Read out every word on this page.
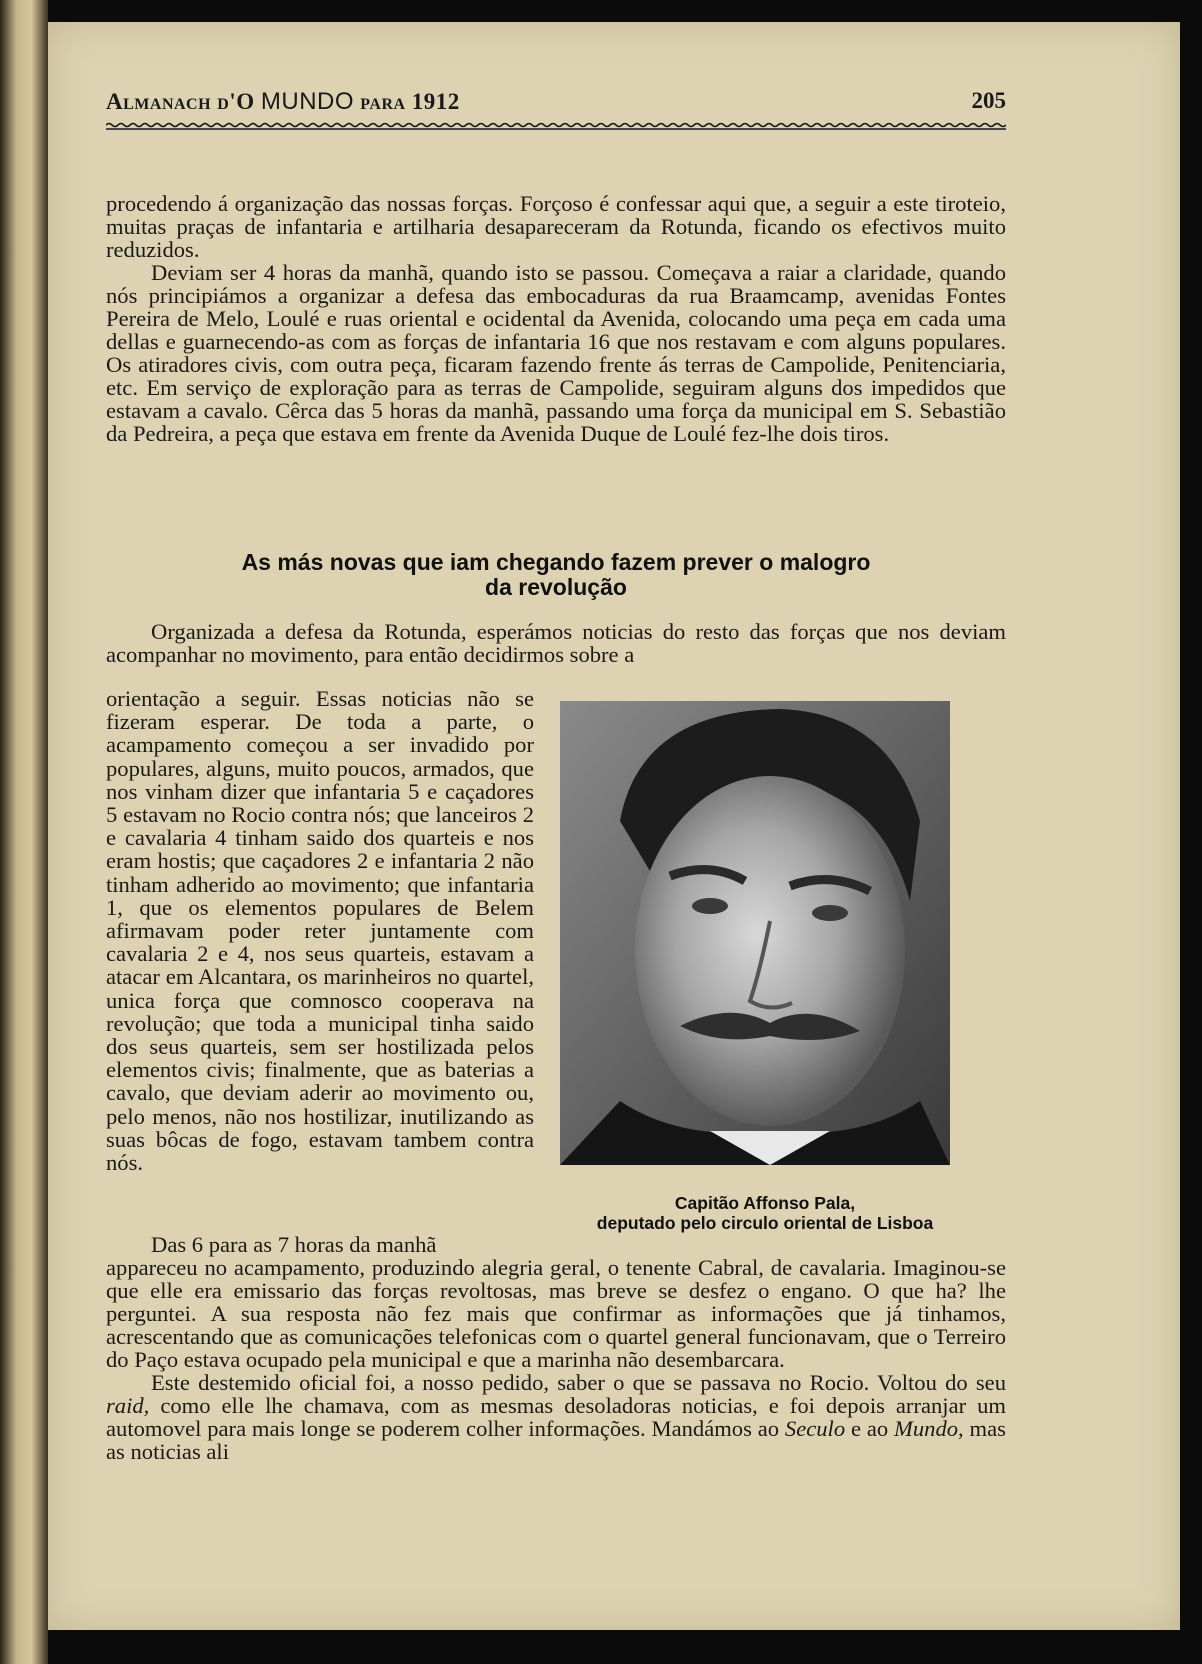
Almanach d'O MUNDO para 1912	205

procedendo á organização das nossas forças. Forçoso é confessar aqui que, a seguir a este tiroteio, muitas praças de infantaria e artilharia desapareceram da Rotunda, ficando os efectivos muito reduzidos.

Deviam ser 4 horas da manhã, quando isto se passou. Começava a raiar a claridade, quando nós principiámos a organizar a defesa das embocaduras da rua Braamcamp, avenidas Fontes Pereira de Melo, Loulé e ruas oriental e ocidental da Avenida, colocando uma peça em cada uma dellas e guarnecendo-as com as forças de infantaria 16 que nos restavam e com alguns populares. Os atiradores civis, com outra peça, ficaram fazendo frente ás terras de Campolide, Penitenciaria, etc. Em serviço de exploração para as terras de Campolide, seguiram alguns dos impedidos que estavam a cavalo. Cêrca das 5 horas da manhã, passando uma força da municipal em S. Sebastião da Pedreira, a peça que estava em frente da Avenida Duque de Loulé fez-lhe dois tiros.

As más novas que iam chegando fazem prever o malogro
da revolução

Organizada a defesa da Rotunda, esperámos noticias do resto das forças que nos deviam acompanhar no movimento, para então decidirmos sobre a

orientação a seguir. Essas noticias não se fizeram esperar. De toda a parte, o acampamento começou a ser invadido por populares, alguns, muito poucos, armados, que nos vinham dizer que infantaria 5 e caçadores 5 estavam no Rocio contra nós; que lanceiros 2 e cavalaria 4 tinham saido dos quarteis e nos eram hostis; que caçadores 2 e infantaria 2 não tinham adherido ao movimento; que infantaria 1, que os elementos populares de Belem afirmavam poder reter juntamente com cavalaria 2 e 4, nos seus quarteis, estavam a atacar em Alcantara, os marinheiros no quartel, unica força que comnosco cooperava na revolução; que toda a municipal tinha saido dos seus quarteis, sem ser hostilizada pelos elementos civis; finalmente, que as baterias a cavalo, que deviam aderir ao movimento ou, pelo menos, não nos hostilizar, inutilizando as suas bôcas de fogo, estavam tambem contra nós.

Capitão Affonso Pala,
deputado pelo circulo oriental de Lisboa

Das 6 para as 7 horas da manhã

appareceu no acampamento, produzindo alegria geral, o tenente Cabral, de cavalaria. Imaginou-se que elle era emissario das forças revoltosas, mas breve se desfez o engano. O que ha? lhe perguntei. A sua resposta não fez mais que confirmar as informações que já tinhamos, acrescentando que as comunicações telefonicas com o quartel general funcionavam, que o Terreiro do Paço estava ocupado pela municipal e que a marinha não desembarcara.

Este destemido oficial foi, a nosso pedido, saber o que se passava no Rocio. Voltou do seu raid, como elle lhe chamava, com as mesmas desoladoras noticias, e foi depois arranjar um automovel para mais longe se poderem colher informações. Mandámos ao Seculo e ao Mundo, mas as noticias ali
